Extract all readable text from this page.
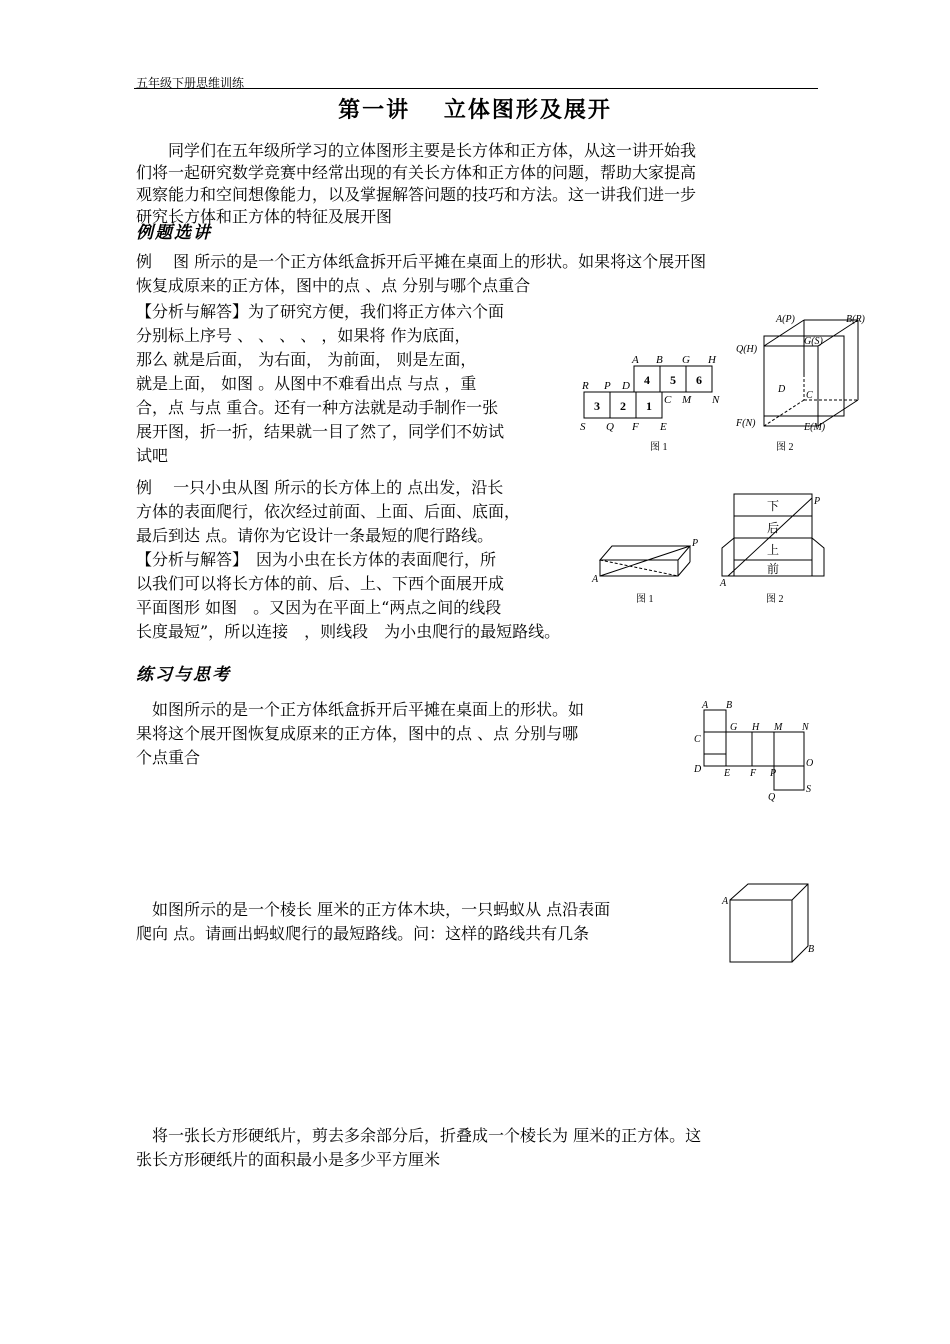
五年级下册思维训练
第一讲　 立体图形及展开
　　同学们在五年级所学习的立体图形主要是长方体和正方体，从这一讲开始我
们将一起研究数学竞赛中经常出现的有关长方体和正方体的问题，帮助大家提高
观察能力和空间想像能力，以及掌握解答问题的技巧和方法。这一讲我们进一步
研究长方体和正方体的特征及展开图
例题选讲
例　 图 所示的是一个正方体纸盒拆开后平摊在桌面上的形状。如果将这个展开图
恢复成原来的正方体，图中的点 、点 分别与哪个点重合
【分析与解答】为了研究方便，我们将正方体六个面
分别标上序号 、 、 、 、 ，如果将 作为底面，
那么 就是后面， 为右面， 为前面， 则是左面，
就是上面， 如图 。从图中不难看出点 与点 ，重
合，点 与点 重合。还有一种方法就是动手制作一张
展开图，折一折，结果就一目了然了，同学们不妨试
试吧
A B G H
R P D
C M N
S Q F E
4 5 6
3 2 1
图 1
A(P)	B(R)
G(S)
Q(H)
D
C
F(N)	E(M)
图 2
例　 一只小虫从图 所示的长方体上的 点出发，沿长
方体的表面爬行，依次经过前面、上面、后面、底面，
最后到达 点。请你为它设计一条最短的爬行路线。
【分析与解答】　因为小虫在长方体的表面爬行，所
以我们可以将长方体的前、后、上、下西个面展开成
平面图形 如图　。又因为在平面上“两点之间的线段
长度最短”，所以连接　，则线段　为小虫爬行的最短路线。
下
后
上
前
A
P
A
P
图 1	图 2
练习与思考
　如图所示的是一个正方体纸盒拆开后平摊在桌面上的形状。如
果将这个展开图恢复成原来的正方体，图中的点 、点 分别与哪
个点重合
A B
C
G H M N
D E F P
O
Q
S
　如图所示的是一个棱长 厘米的正方体木块，一只蚂蚁从 点沿表面
爬向 点。请画出蚂蚁爬行的最短路线。问：这样的路线共有几条
A
B
　将一张长方形硬纸片，剪去多余部分后，折叠成一个棱长为 厘米的正方体。这
张长方形硬纸片的面积最小是多少平方厘米
